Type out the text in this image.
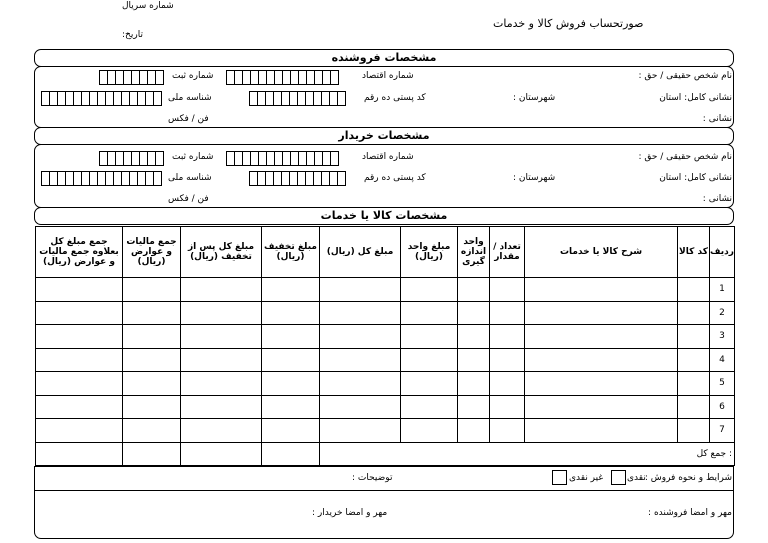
شماره سریال
:تاریخ
صورتحساب فروش کالا و خدمات
مشخصات فروشنده
: نام شخص حقیقی / حق
شماره اقتصاد
شماره ثبت
نشانی کامل: استان
: شهرستان
کد پستی ده رقم
شناسه ملی
: نشانی
فن / فکس
مشخصات خریدار
: نام شخص حقیقی / حق
شماره اقتصاد
شماره ثبت
نشانی کامل: استان
: شهرستان
کد پستی ده رقم
شناسه ملی
: نشانی
فن / فکس
مشخصات کالا یا خدمات
ردیف	کد کالا	شرح کالا یا خدمات	تعداد / مقدار	واحد اندازه گیری	مبلغ واحد (ریال)	مبلغ کل (ریال)	مبلغ تخفیف (ریال)	مبلغ کل پس از تخفیف (ریال)	جمع مالیات و عوارض (ریال)	جمع مبلغ کل بعلاوه جمع مالیات و عوارض (ریال)
1										
2										
3										
4										
5										
6										
7										
: جمع کل										
: شرایط و نحوه فروش
نقدی
غیر نقدی
: توضیحات
: مهر و امضا فروشنده
: مهر و امضا خریدار
